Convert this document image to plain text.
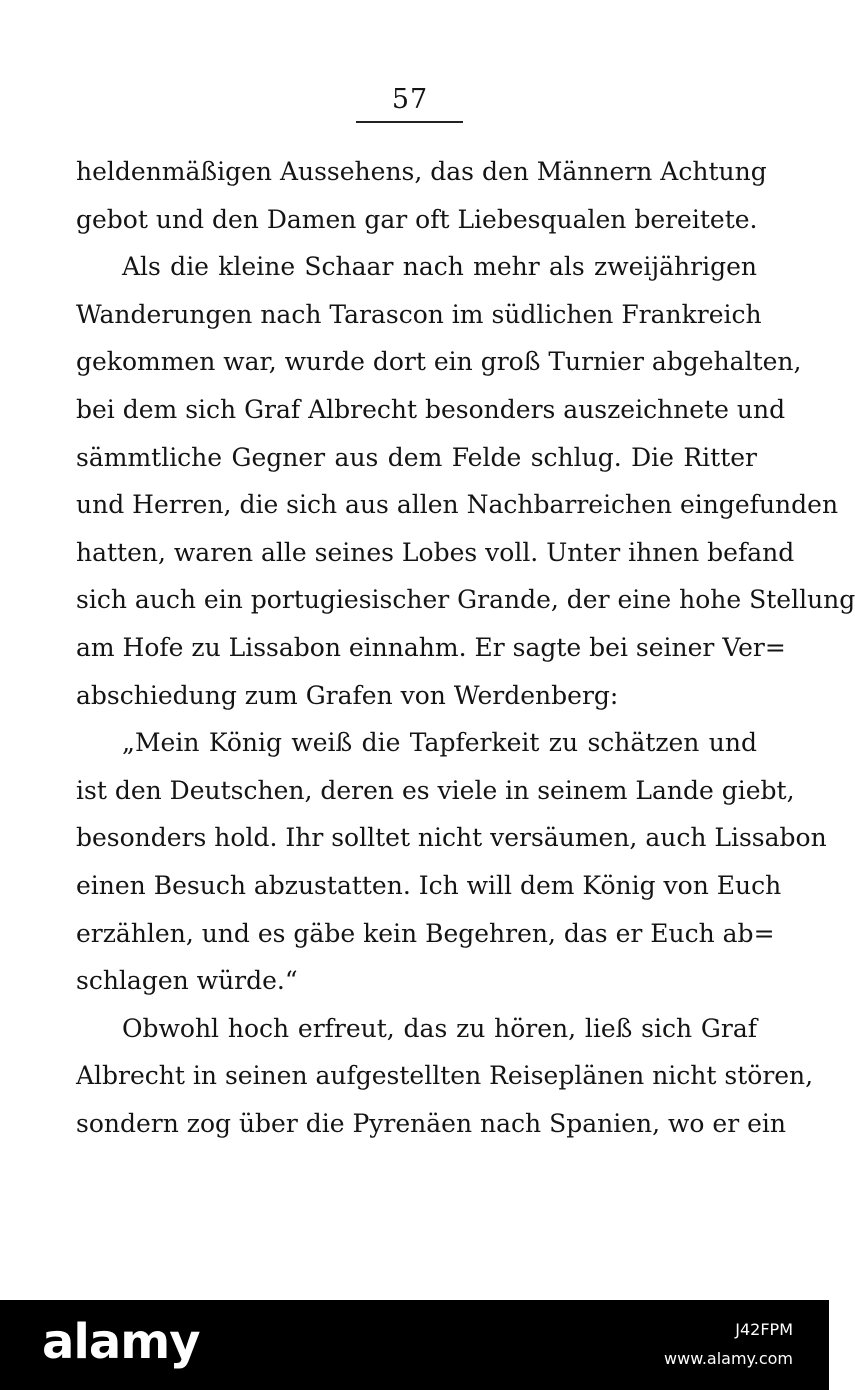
57
heldenmäßigen Aussehens, das den Männern Achtung
gebot und den Damen gar oft Liebesqualen bereitete.
Als die kleine Schaar nach mehr als zweijährigen
Wanderungen nach Tarascon im südlichen Frankreich
gekommen war, wurde dort ein groß Turnier abgehalten,
bei dem sich Graf Albrecht besonders auszeichnete und
sämmtliche Gegner aus dem Felde schlug. Die Ritter
und Herren, die sich aus allen Nachbarreichen eingefunden
hatten, waren alle seines Lobes voll. Unter ihnen befand
sich auch ein portugiesischer Grande, der eine hohe Stellung
am Hofe zu Lissabon einnahm. Er sagte bei seiner Ver=
abschiedung zum Grafen von Werdenberg:
„Mein König weiß die Tapferkeit zu schätzen und
ist den Deutschen, deren es viele in seinem Lande giebt,
besonders hold. Ihr solltet nicht versäumen, auch Lissabon
einen Besuch abzustatten. Ich will dem König von Euch
erzählen, und es gäbe kein Begehren, das er Euch ab=
schlagen würde.“
Obwohl hoch erfreut, das zu hören, ließ sich Graf
Albrecht in seinen aufgestellten Reiseplänen nicht stören,
sondern zog über die Pyrenäen nach Spanien, wo er ein
alamy	J42FPM
www.alamy.com
